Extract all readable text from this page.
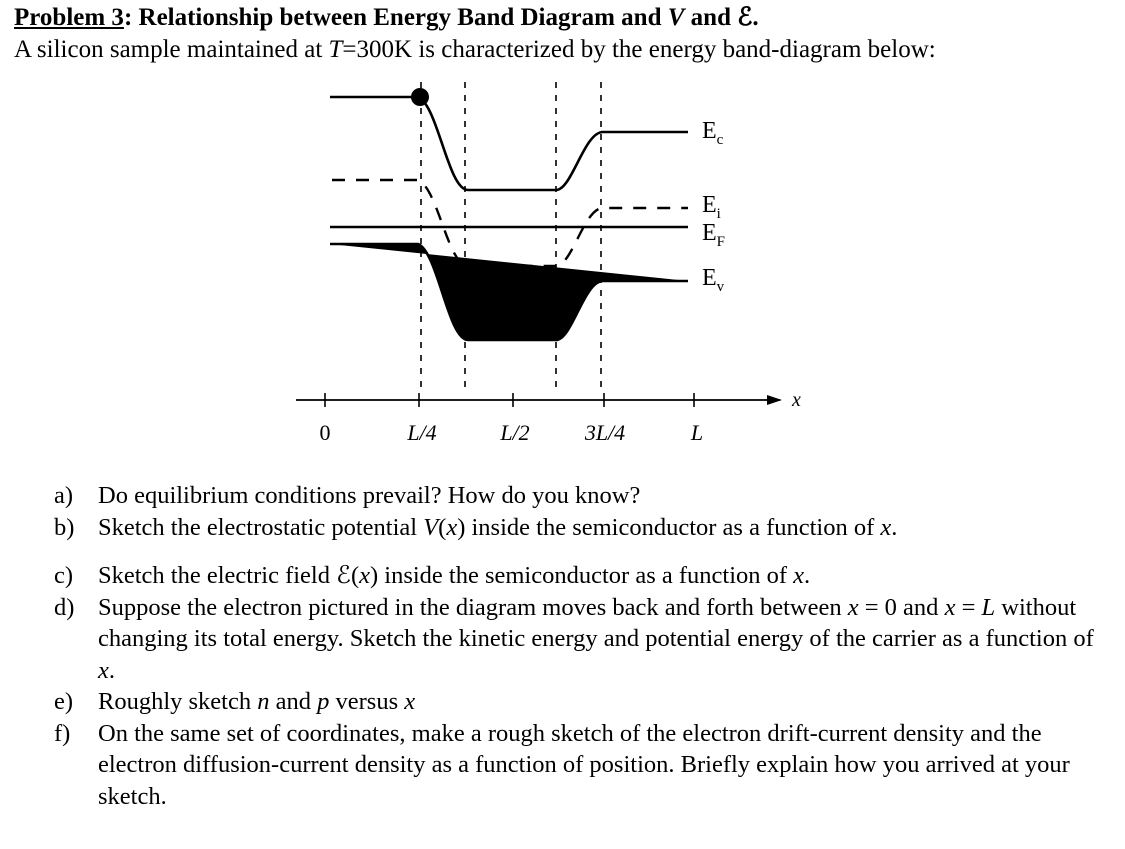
Problem 3: Relationship between Energy Band Diagram and V and ℰ.
A silicon sample maintained at T=300K is characterized by the energy band-diagram below:
$E_c$
$E_i$
$E_F$
$E_v$
x
0	L/4	L/2	3L/4	L
a)	Do equilibrium conditions prevail? How do you know?
b) Sketch the electrostatic potential V(x) inside the semiconductor as a function of x.
c)	Sketch the electric field ℰ(x) inside the semiconductor as a function of x.
d) Suppose the electron pictured in the diagram moves back and forth between x = 0 and x = L without changing its total energy. Sketch the kinetic energy and potential energy of the carrier as a function of x.
e)	Roughly sketch n and p versus x
f)	On the same set of coordinates, make a rough sketch of the electron drift-current density and the electron diffusion-current density as a function of position. Briefly explain how you arrived at your sketch.
